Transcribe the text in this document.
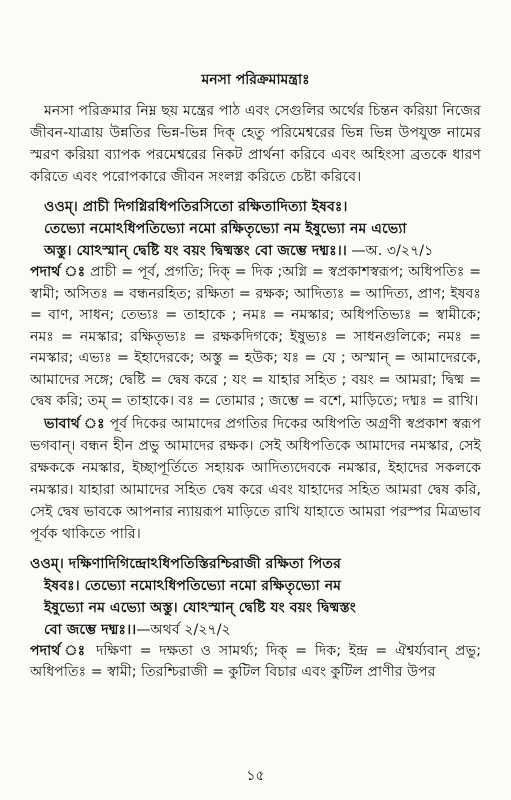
মনসা পরিক্রমামন্ত্রাঃ

মনসা পরিক্রমার নিম্ন ছয় মন্ত্রের পাঠ এবং সেগুলির অর্থের চিন্তন করিয়া নিজের জীবন-যাত্রায় উন্নতির ভিন্ন-ভিন্ন দিক্ হেতু পরিমেশ্বরের ভিন্ন ভিন্ন উপযুক্ত নামের স্মরণ করিয়া ব্যাপক পরমেশ্বরের নিকট প্রার্থনা করিবে এবং অহিংসা ব্রতকে ধারণ করিতে এবং পরোপকারে জীবন সংলগ্ন করিতে চেষ্টা করিবে।

ওওম্। প্রাচী দিগগ্নিরধিপতিরসিতো রক্ষিতাদিত্যা ইষবঃ।
তেভ্যো নমোঽধিপতিভ্যো নমো রক্ষিতৃভ্যো নম ইষুভ্যো নম এভ্যো
অস্তু। যোঽস্মান্ দ্বেষ্টি যং বয়ং দ্বিষ্মস্তং বো জম্ভে দধ্মঃ।। —অ. ৩/২৭/১

পদার্থ ঃ প্রাচী = পূর্ব, প্রগতি; দিক্ = দিক ;অগ্নি = স্বপ্রকাশস্বরূপ; অধিপতিঃ = স্বামী; অসিতঃ = বন্ধনরহিত; রক্ষিতা = রক্ষক; আদিত্যঃ = আদিত্য, প্রাণ; ইষবঃ = বাণ, সাধন; তেভ্যঃ = তাহাকে ; নমঃ = নমস্কার; অধিপতিভ্যঃ = স্বামীকে; নমঃ = নমস্কার; রক্ষিতৃভ্যঃ = রক্ষকদিগকে; ইষুভ্যঃ = সাধনগুলিকে; নমঃ = নমস্কার; এভ্যঃ = ইহাদেরকে; অস্তু = হউক; যঃ = যে ; অস্মান্ = আমাদেরকে, আমাদের সঙ্গে; দ্বেষ্টি = দ্বেষ করে ; যং = যাহার সহিত ; বয়ং = আমরা; দ্বিষ্ম = দ্বেষ করি; তম্ = তাহাকে। বঃ = তোমার ; জম্ভে = বশে, মাড়িতে; দধ্মঃ = রাখি।

ভাবার্থ ঃ পূর্ব দিকের আমাদের প্রগতির দিকের অধিপতি অগ্রণী স্বপ্রকাশ স্বরূপ ভগবান্। বন্ধন হীন প্রভু আমাদের রক্ষক। সেই অধিপতিকে আমাদের নমস্কার, সেই রক্ষককে নমস্কার, ইচ্ছাপূর্তিতে সহায়ক আদিত্যদেবকে নমস্কার, ইহাদের সকলকে নমস্কার। যাহারা আমাদের সহিত দ্বেষ করে এবং যাহাদের সহিত আমরা দ্বেষ করি, সেই দ্বেষ ভাবকে আপনার ন্যায়রূপ মাড়িতে রাখি যাহাতে আমরা পরস্পর মিত্রভাব পূর্বক থাকিতে পারি।

ওওম্। দক্ষিণাদিগিন্দ্রোঽধিপতিস্তিরশ্চিরাজী রক্ষিতা পিতর
ইষবঃ। তেভ্যো নমোঽধিপতিভ্যো নমো রক্ষিতৃভ্যো নম
ইষুভ্যো নম এভ্যো অস্তু। যোঽস্মান্ দ্বেষ্টি যং বয়ং দ্বিষ্মস্তং
বো জম্ভে দধ্মঃ।।—অথর্ব ২/২৭/২

পদার্থ ঃ দক্ষিণা = দক্ষতা ও সামর্থ্য; দিক্ = দিক; ইন্দ্র = ঐশ্বর্য্যবান্ প্রভু; অধিপতিঃ = স্বামী; তিরশ্চিরাজী = কুটিল বিচার এবং কুটিল প্রাণীর উপর

১৫
